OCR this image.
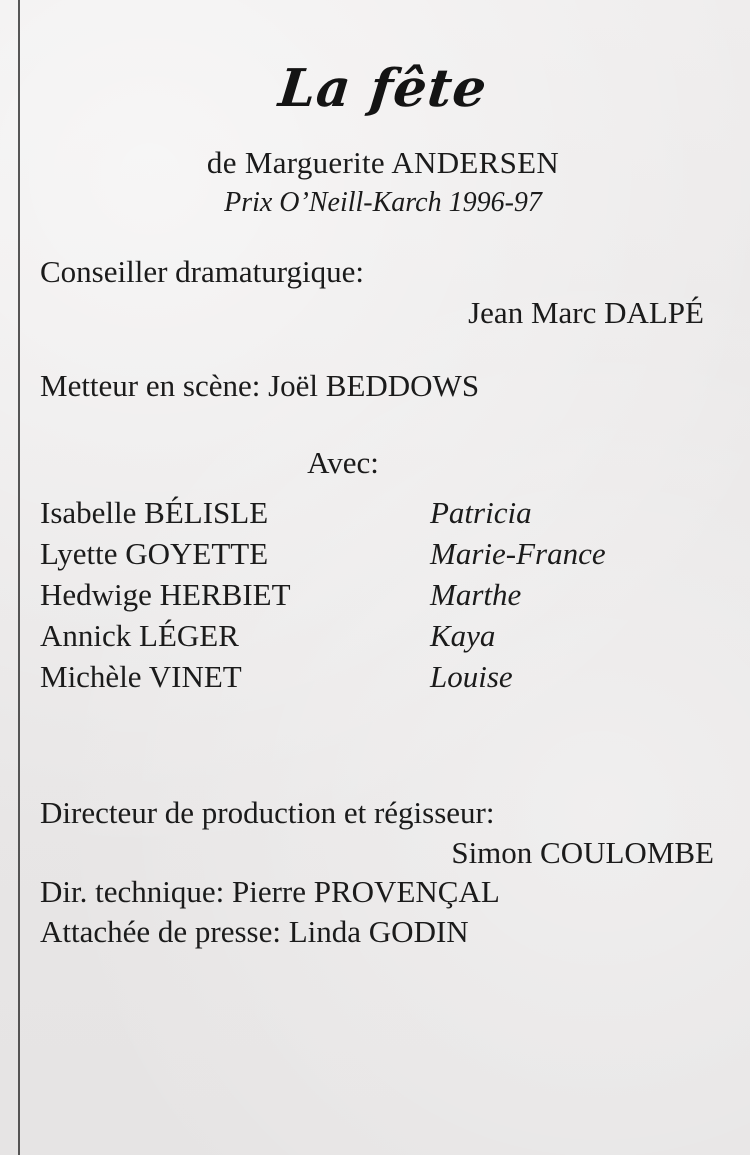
La fête
de Marguerite ANDERSEN
Prix O’Neill-Karch 1996-97
Conseiller dramaturgique:
Jean Marc DALPÉ
Metteur en scène: Joël BEDDOWS
Avec:
Isabelle BÉLISLE	Patricia
Lyette GOYETTE	Marie-France
Hedwige HERBIET	Marthe
Annick LÉGER	Kaya
Michèle VINET	Louise
Directeur de production et régisseur:
Simon COULOMBE
Dir. technique: Pierre PROVENÇAL
Attachée de presse: Linda GODIN
